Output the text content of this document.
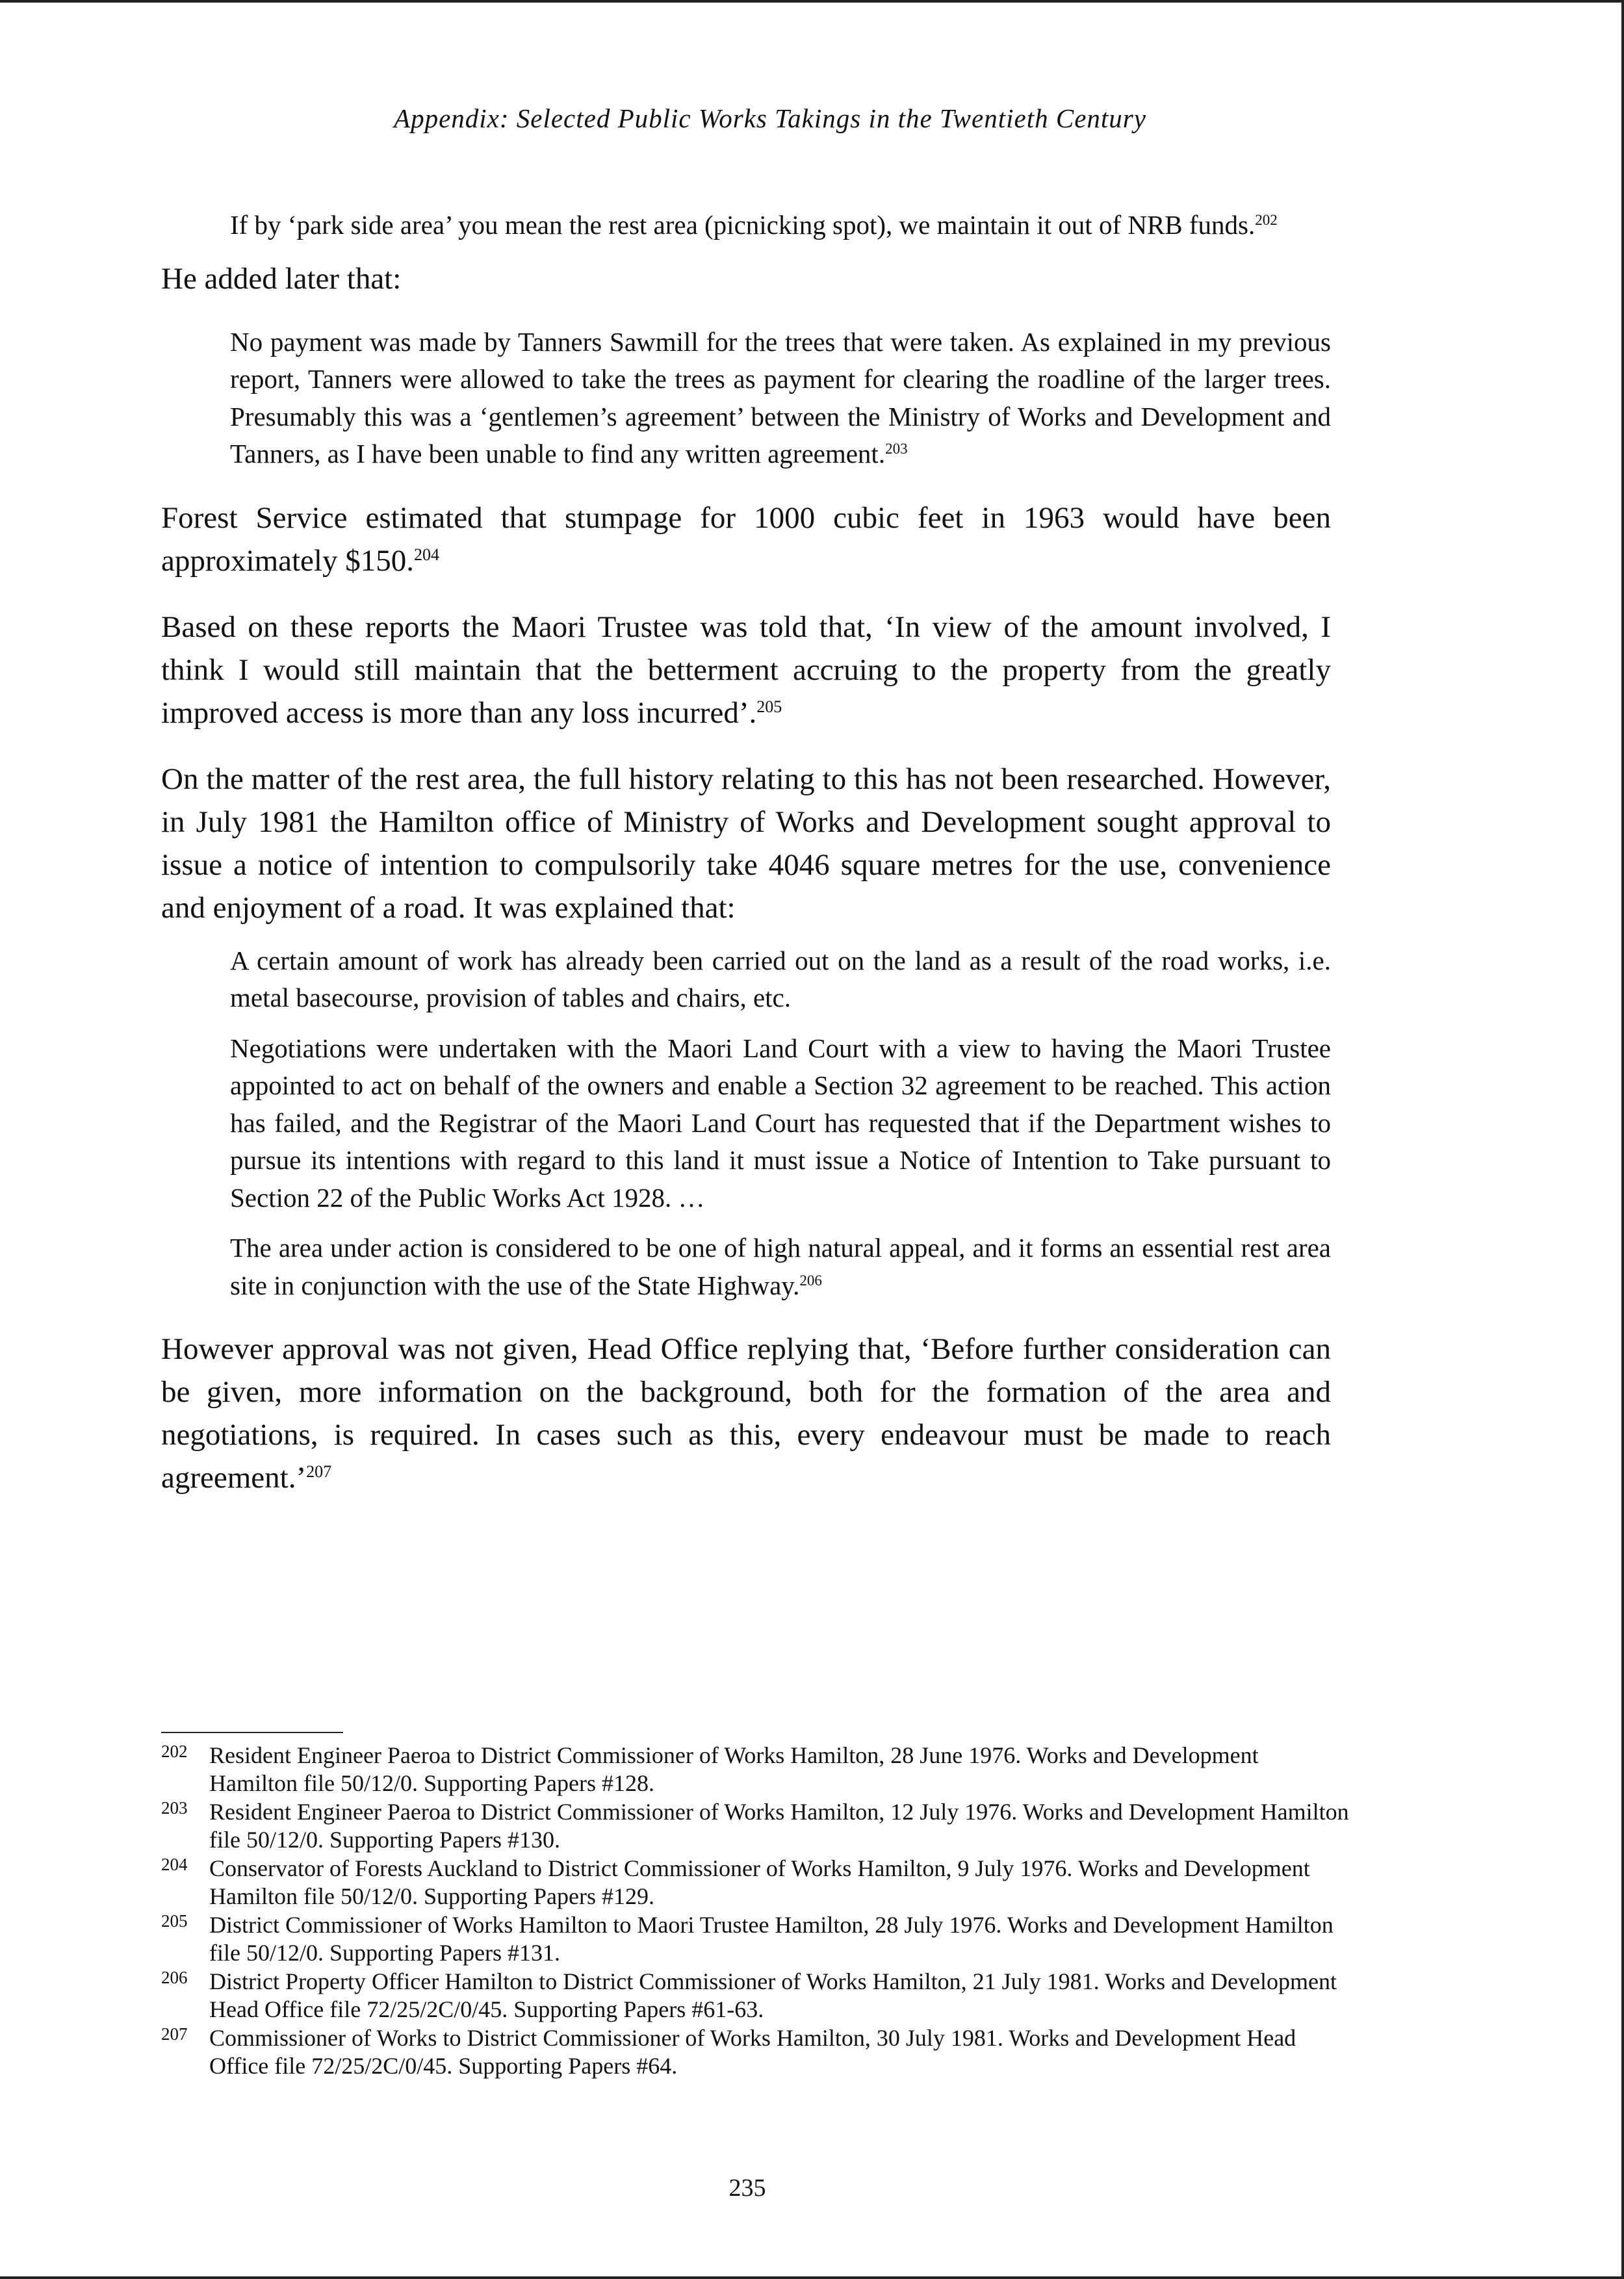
Appendix: Selected Public Works Takings in the Twentieth Century

If by ‘park side area’ you mean the rest area (picnicking spot), we maintain it out of NRB funds.$^{202}$

He added later that:

No payment was made by Tanners Sawmill for the trees that were taken. As explained in my previous report, Tanners were allowed to take the trees as payment for clearing the roadline of the larger trees. Presumably this was a ‘gentlemen’s agreement’ between the Ministry of Works and Development and Tanners, as I have been unable to find any written agreement.$^{203}$

Forest Service estimated that stumpage for 1000 cubic feet in 1963 would have been approximately $150.$^{204}$

Based on these reports the Maori Trustee was told that, ‘In view of the amount involved, I think I would still maintain that the betterment accruing to the property from the greatly improved access is more than any loss incurred’.$^{205}$

On the matter of the rest area, the full history relating to this has not been researched. However, in July 1981 the Hamilton office of Ministry of Works and Development sought approval to issue a notice of intention to compulsorily take 4046 square metres for the use, convenience and enjoyment of a road. It was explained that:

A certain amount of work has already been carried out on the land as a result of the road works, i.e. metal basecourse, provision of tables and chairs, etc.

Negotiations were undertaken with the Maori Land Court with a view to having the Maori Trustee appointed to act on behalf of the owners and enable a Section 32 agreement to be reached. This action has failed, and the Registrar of the Maori Land Court has requested that if the Department wishes to pursue its intentions with regard to this land it must issue a Notice of Intention to Take pursuant to Section 22 of the Public Works Act 1928. …

The area under action is considered to be one of high natural appeal, and it forms an essential rest area site in conjunction with the use of the State Highway.$^{206}$

However approval was not given, Head Office replying that, ‘Before further consideration can be given, more information on the background, both for the formation of the area and negotiations, is required. In cases such as this, every endeavour must be made to reach agreement.’$^{207}$

202 Resident Engineer Paeroa to District Commissioner of Works Hamilton, 28 June 1976. Works and Development Hamilton file 50/12/0. Supporting Papers #128.
203 Resident Engineer Paeroa to District Commissioner of Works Hamilton, 12 July 1976. Works and Development Hamilton file 50/12/0. Supporting Papers #130.
204 Conservator of Forests Auckland to District Commissioner of Works Hamilton, 9 July 1976. Works and Development Hamilton file 50/12/0. Supporting Papers #129.
205 District Commissioner of Works Hamilton to Maori Trustee Hamilton, 28 July 1976. Works and Development Hamilton file 50/12/0. Supporting Papers #131.
206 District Property Officer Hamilton to District Commissioner of Works Hamilton, 21 July 1981. Works and Development Head Office file 72/25/2C/0/45. Supporting Papers #61-63.
207 Commissioner of Works to District Commissioner of Works Hamilton, 30 July 1981. Works and Development Head Office file 72/25/2C/0/45. Supporting Papers #64.
235
